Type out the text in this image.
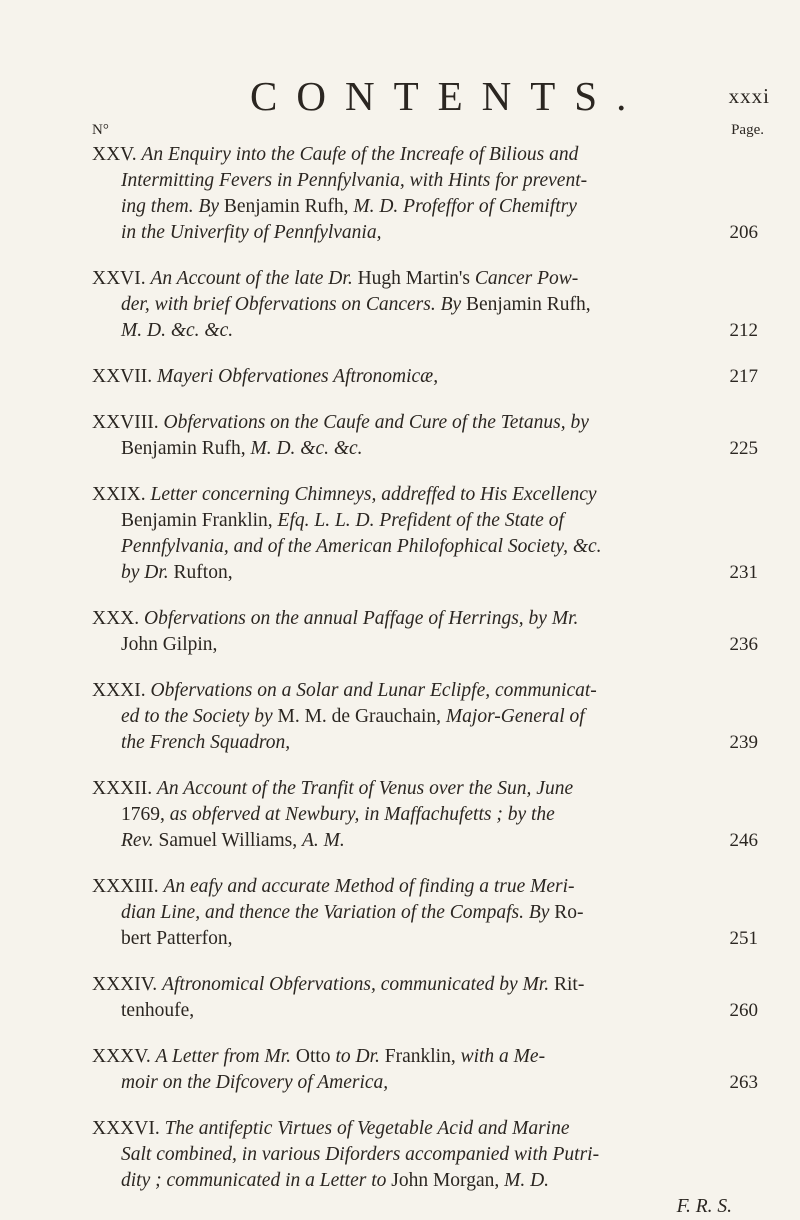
CONTENTS.	xxxi
N°	Page.
XXV. An Enquiry into the Caufe of the Increafe of Bilious and
Intermitting Fevers in Pennfylvania, with Hints for prevent-
ing them. By Benjamin Rufh, M. D. Profeffor of Chemiftry
in the Univerfity of Pennfylvania,	206
XXVI. An Account of the late Dr. Hugh Martin's Cancer Pow-
der, with brief Obfervations on Cancers. By Benjamin Rufh,
M. D. &c. &c.	212
XXVII. Mayeri Obfervationes Aftronomicæ,	217
XXVIII. Obfervations on the Caufe and Cure of the Tetanus, by
Benjamin Rufh, M. D. &c. &c.	225
XXIX. Letter concerning Chimneys, addreffed to His Excellency
Benjamin Franklin, Efq. L. L. D. Prefident of the State of
Pennfylvania, and of the American Philofophical Society, &c.
by Dr. Rufton,	231
XXX. Obfervations on the annual Paffage of Herrings, by Mr.
John Gilpin,	236
XXXI. Obfervations on a Solar and Lunar Eclipfe, communicat-
ed to the Society by M. M. de Grauchain, Major-General of
the French Squadron,	239
XXXII. An Account of the Tranfit of Venus over the Sun, June
1769, as obferved at Newbury, in Maffachufetts ; by the
Rev. Samuel Williams, A. M.	246
XXXIII. An eafy and accurate Method of finding a true Meri-
dian Line, and thence the Variation of the Compafs. By Ro-
bert Patterfon,	251
XXXIV. Aftronomical Obfervations, communicated by Mr. Rit-
tenhoufe,	260
XXXV. A Letter from Mr. Otto to Dr. Franklin, with a Me-
moir on the Difcovery of America,	263
XXXVI. The antifeptic Virtues of Vegetable Acid and Marine
Salt combined, in various Diforders accompanied with Putri-
dity ; communicated in a Letter to John Morgan, M. D.
F. R. S.
